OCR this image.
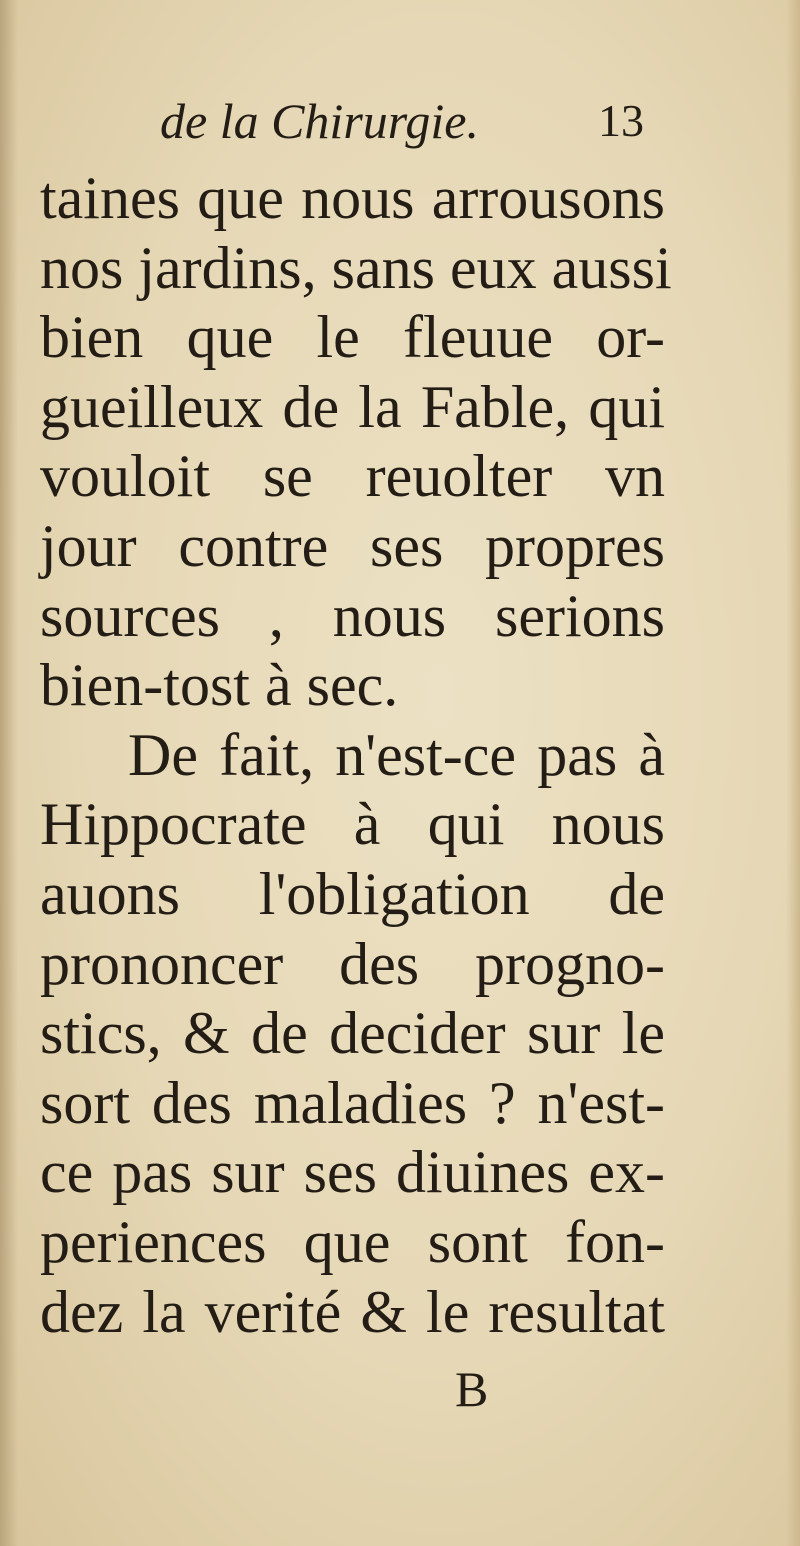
de la Chirurgie.	13
taines que nous arrousons
nos jardins, sans eux aussi
bien que le fleuue or-
gueilleux de la Fable, qui
vouloit se reuolter vn
jour contre ses propres
sources , nous serions
bien-tost à sec.
De fait, n'est-ce pas à
Hippocrate à qui nous
auons l'obligation de
prononcer des progno-
stics, & de decider sur le
sort des maladies ? n'est-
ce pas sur ses diuines ex-
periences que sont fon-
dez la verité & le resultat
B
